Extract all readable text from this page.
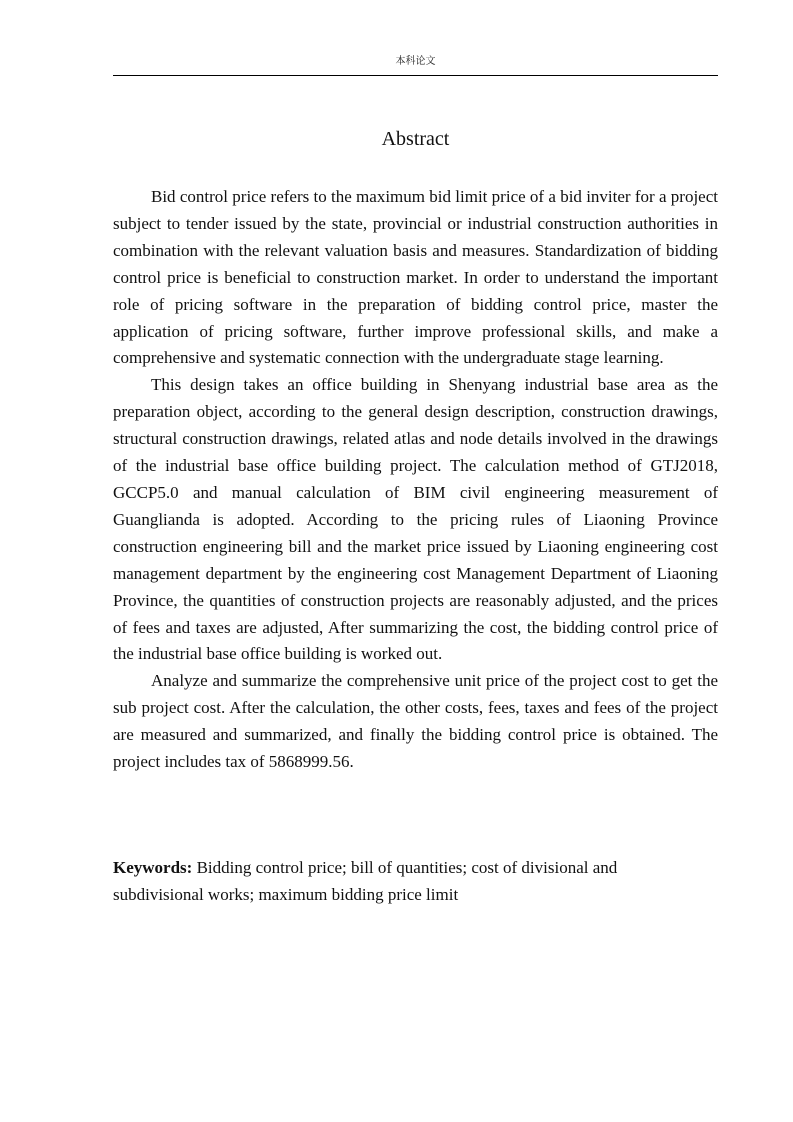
本科论文
Abstract

Bid control price refers to the maximum bid limit price of a bid inviter for a project subject to tender issued by the state, provincial or industrial construction authorities in combination with the relevant valuation basis and measures. Standardization of bidding control price is beneficial to construction market. In order to understand the important role of pricing software in the preparation of bidding control price, master the application of pricing software, further improve professional skills, and make a comprehensive and systematic connection with the undergraduate stage learning.

This design takes an office building in Shenyang industrial base area as the preparation object, according to the general design description, construction drawings, structural construction drawings, related atlas and node details involved in the drawings of the industrial base office building project. The calculation method of GTJ2018, GCCP5.0 and manual calculation of BIM civil engineering measurement of Guanglianda is adopted. According to the pricing rules of Liaoning Province construction engineering bill and the market price issued by Liaoning engineering cost management department by the engineering cost Management Department of Liaoning Province, the quantities of construction projects are reasonably adjusted, and the prices of fees and taxes are adjusted, After summarizing the cost, the bidding control price of the industrial base office building is worked out.

Analyze and summarize the comprehensive unit price of the project cost to get the sub project cost. After the calculation, the other costs, fees, taxes and fees of the project are measured and summarized, and finally the bidding control price is obtained. The project includes tax of 5868999.56.

Keywords: Bidding control price; bill of quantities; cost of divisional and subdivisional works; maximum bidding price limit
